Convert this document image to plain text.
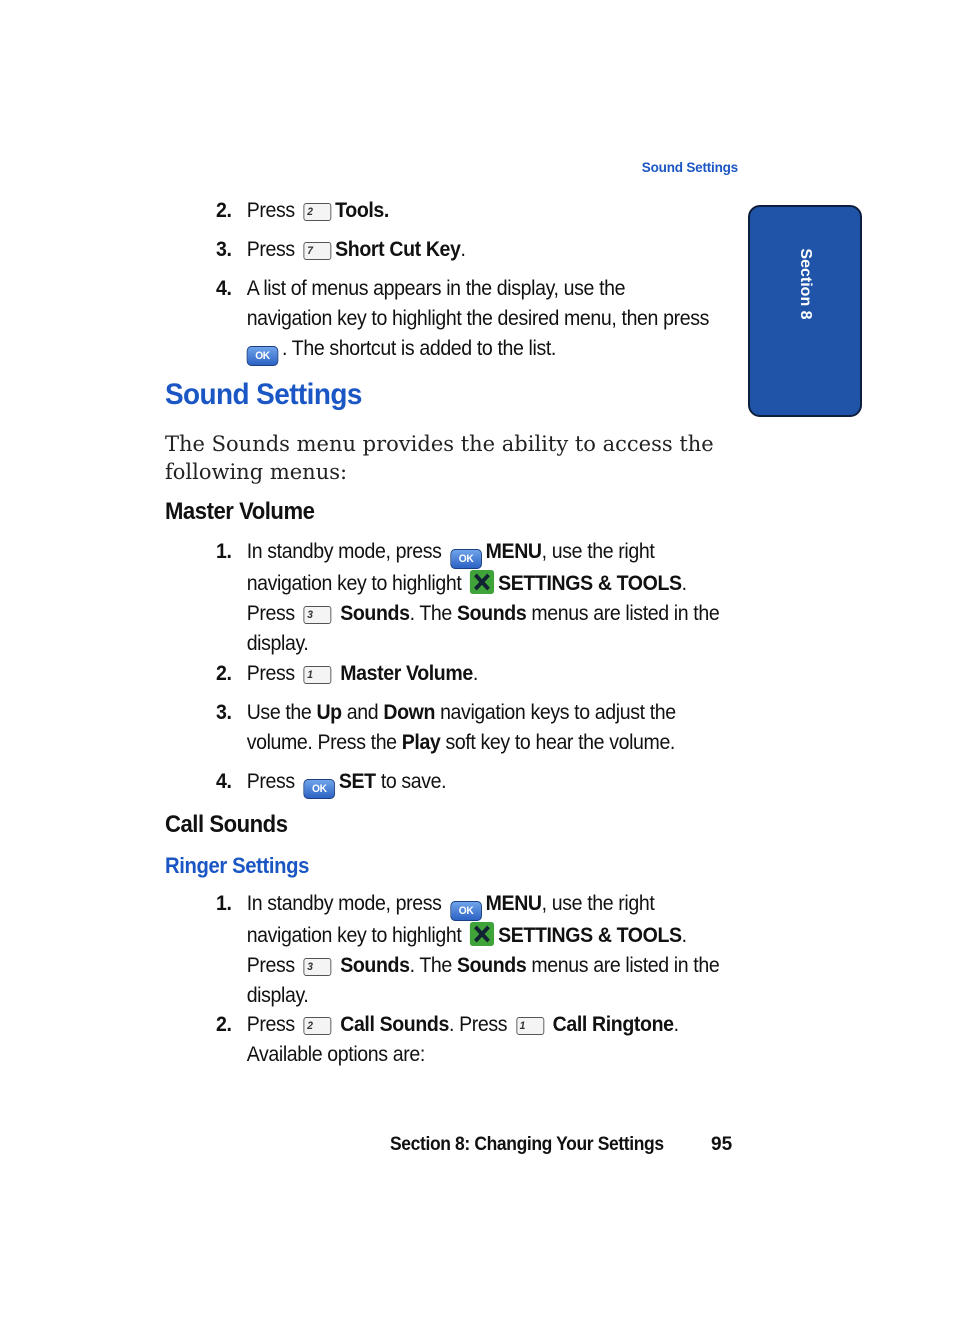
Sound Settings
Section 8
2. Press 2 Tools.
3. Press 7 Short Cut Key.
4. A list of menus appears in the display, use the
navigation key to highlight the desired menu, then press
OK . The shortcut is added to the list.
Sound Settings
The Sounds menu provides the ability to access the following menus:
Master Volume
1. In standby mode, press OK MENU, use the right
navigation key to highlight SETTINGS & TOOLS.
Press 3 Sounds. The Sounds menus are listed in the
display.
2. Press 1 Master Volume.
3. Use the Up and Down navigation keys to adjust the
volume. Press the Play soft key to hear the volume.
4. Press OK SET to save.
Call Sounds
Ringer Settings
1. In standby mode, press OK MENU, use the right
navigation key to highlight SETTINGS & TOOLS.
Press 3 Sounds. The Sounds menus are listed in the
display.
2. Press 2 Call Sounds. Press 1 Call Ringtone.
Available options are:
Section 8: Changing Your Settings 95
